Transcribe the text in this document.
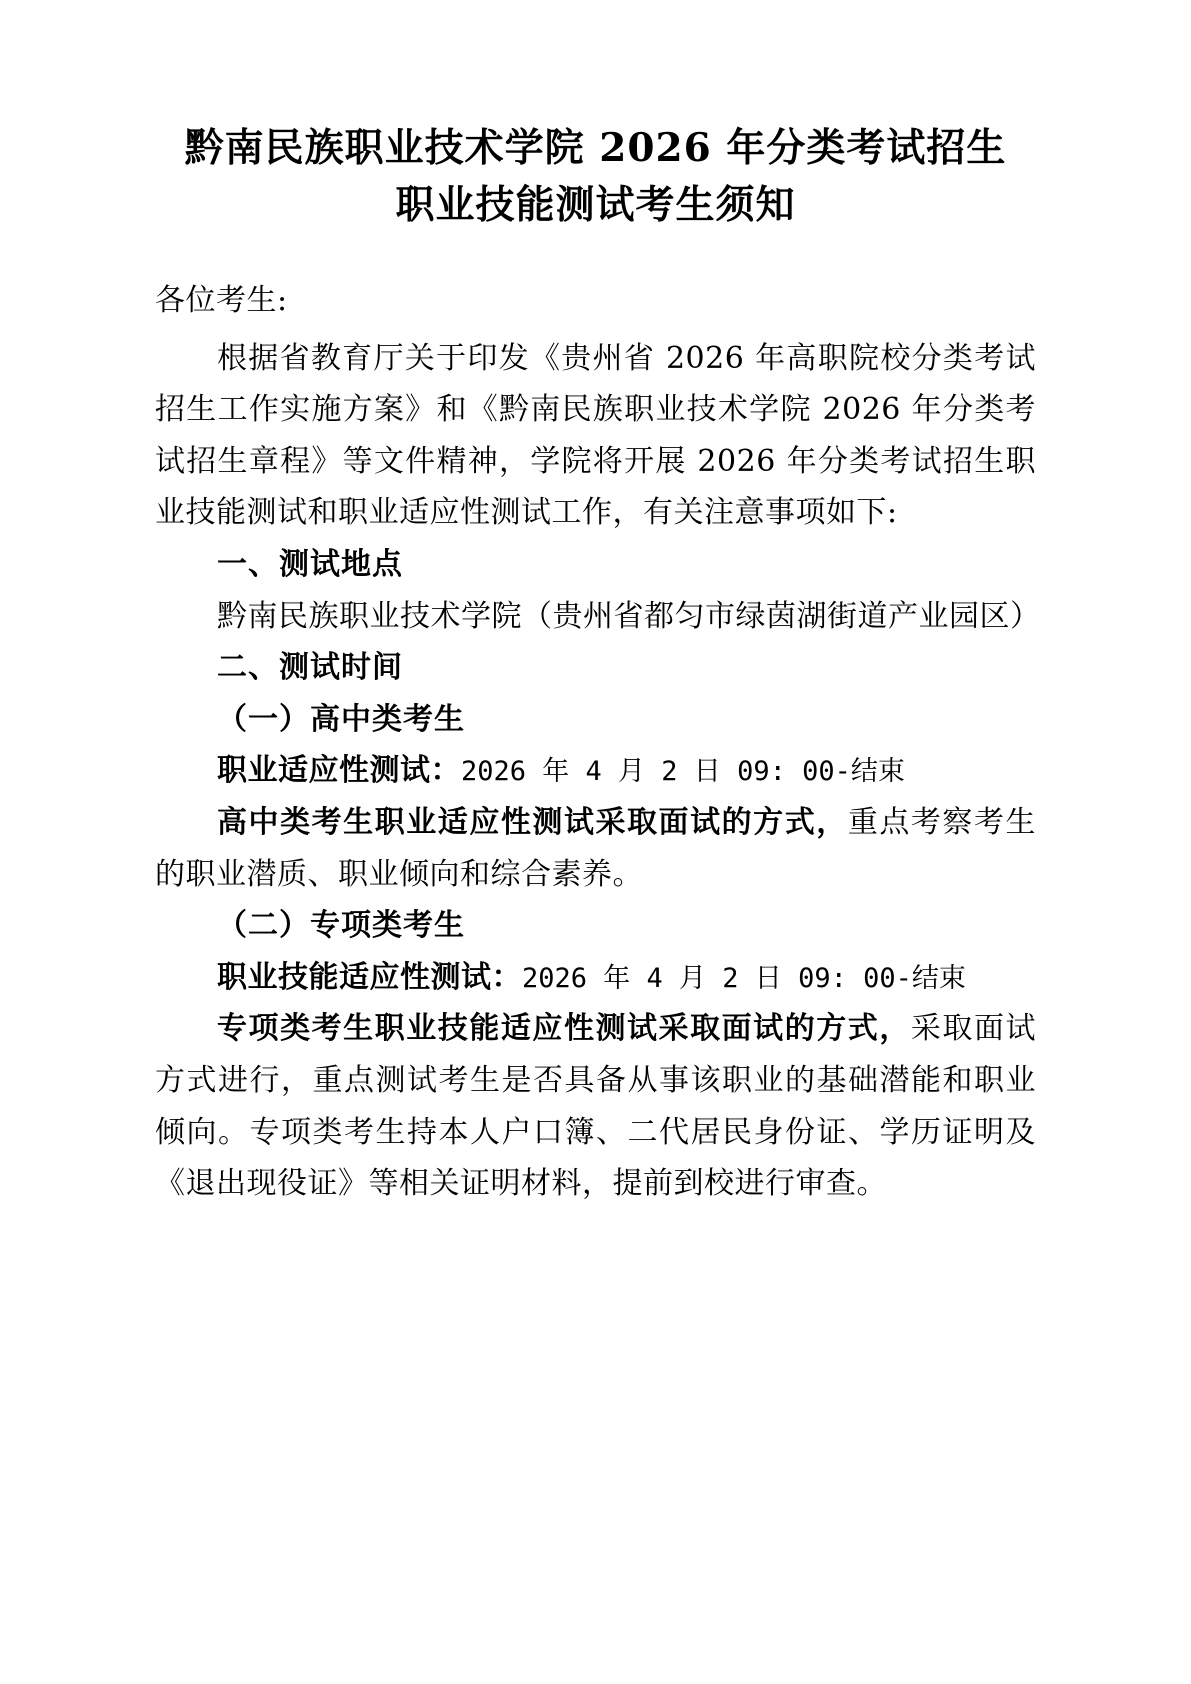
黔南民族职业技术学院 2026 年分类考试招生
职业技能测试考生须知

各位考生:

根据省教育厅关于印发《贵州省 2026 年高职院校分类考试招生工作实施方案》和《黔南民族职业技术学院 2026 年分类考试招生章程》等文件精神，学院将开展 2026 年分类考试招生职业技能测试和职业适应性测试工作，有关注意事项如下:

一、测试地点

黔南民族职业技术学院（贵州省都匀市绿茵湖街道产业园区）

二、测试时间

（一）高中类考生

职业适应性测试：2026 年 4 月 2 日 09: 00-结束

高中类考生职业适应性测试采取面试的方式，重点考察考生的职业潜质、职业倾向和综合素养。

（二）专项类考生

职业技能适应性测试：2026 年 4 月 2 日 09: 00-结束

专项类考生职业技能适应性测试采取面试的方式，采取面试方式进行，重点测试考生是否具备从事该职业的基础潜能和职业倾向。专项类考生持本人户口簿、二代居民身份证、学历证明及《退出现役证》等相关证明材料，提前到校进行审查。
